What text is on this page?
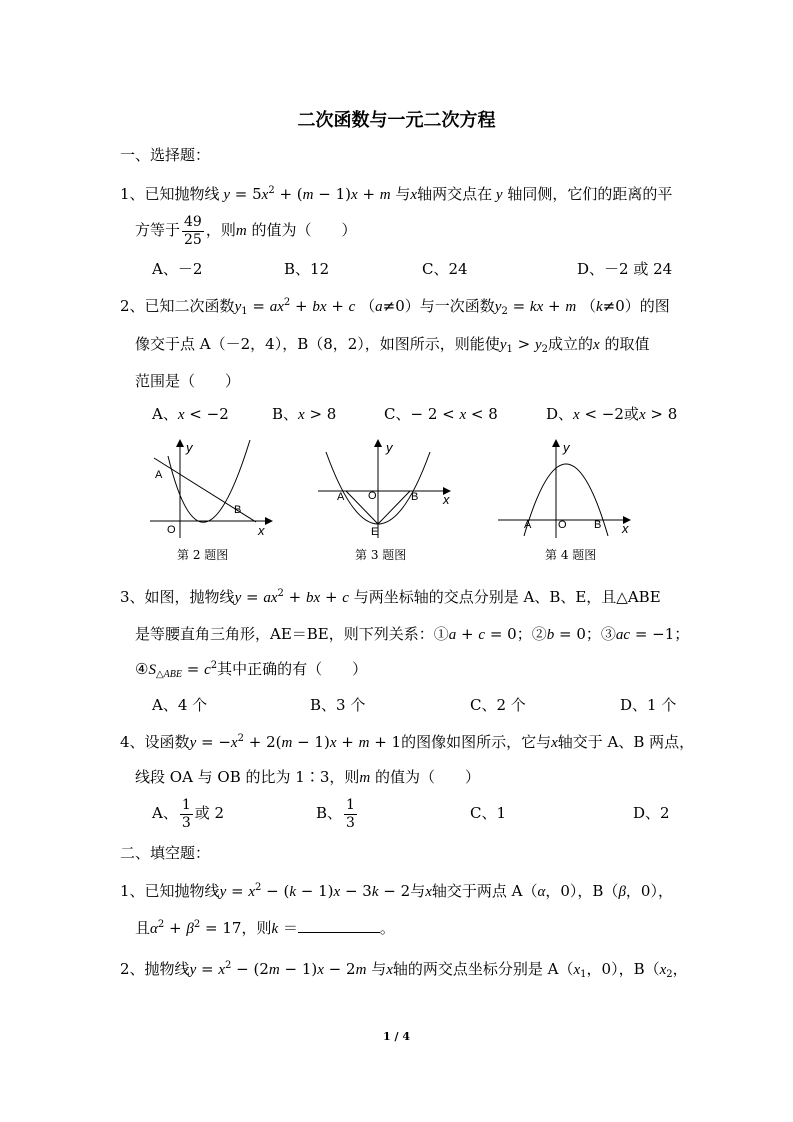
二次函数与一元二次方程
一、选择题：
1、已知抛物线 $y = 5x^2 + (m - 1)x + m$ 与x轴两交点在 y 轴同侧，它们的距离的平
方等于 $\frac{49}{25}$ ，则m 的值为（　　）
A、－2	B、12	C、24	D、－2 或 24
2、已知二次函数$y_1 = ax^2$ + bx + c （a≠0）与一次函数$y_2$ = kx + m （k≠0）的图
像交于点 A（－2，4），B（8，2），如图所示，则能使$y_1 > y_2$成立的x 的取值
范围是（　　）
A、x < −2	B、x > 8	C、− 2 < x < 8	D、x < −2或x > 8
y
x
A
B
O
第 2 题图
y
x
A	B
O
E
第 3 题图
y
x
A	B
O
第 4 题图
3、如图，抛物线$y = ax^2$ + bx + c 与两坐标轴的交点分别是 A、B、E，且△ABE
是等腰直角三角形，AE＝BE，则下列关系：①a + c = 0；②b = 0；③ac = −1；
$④S_{\triangle ABE} = c^2$其中正确的有（　　）
A、4 个	B、3 个	C、2 个	D、1 个
4、设函数$y = -x^2 + 2(m - 1)x + m + 1$的图像如图所示，它与x轴交于 A、B 两点，
线段 OA 与 OB 的比为 1∶3，则m 的值为（　　）
A、 $\frac{1}{3}$ 或 2	B、 $\frac{1}{3}$	C、1	D、2
二、填空题：
1、已知抛物线$y = x^2 - (k - 1)x - 3k - 2$与x轴交于两点 A（α，0），B（β，0），
且$\alpha^2 + \beta^2 = 17$，则k ＝	。
2、抛物线$y = x^2 - (2m - 1)x - 2m$ 与x轴的两交点坐标分别是 $A(x_1$，0），$B(x_2$，
1 / 4
